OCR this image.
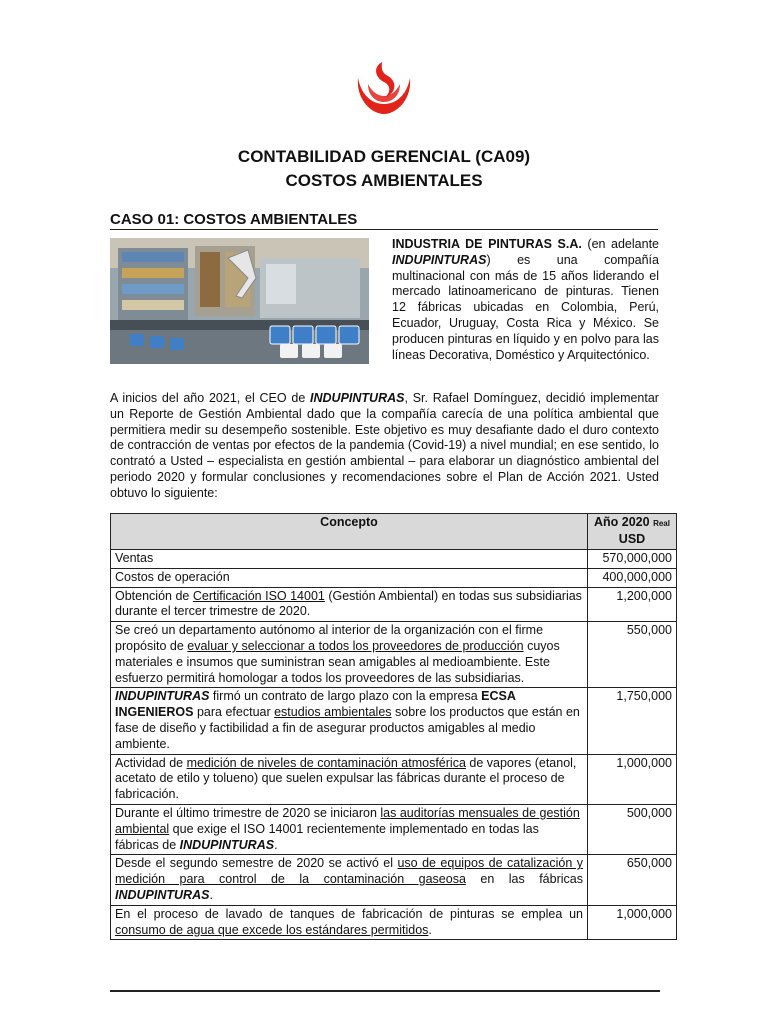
CONTABILIDAD GERENCIAL (CA09)
COSTOS AMBIENTALES
CASO 01: COSTOS AMBIENTALES
INDUSTRIA DE PINTURAS S.A. (en adelante INDUPINTURAS) es una compañía multinacional con más de 15 años liderando el mercado latinoamericano de pinturas. Tienen 12 fábricas ubicadas en Colombia, Perú, Ecuador, Uruguay, Costa Rica y México. Se producen pinturas en líquido y en polvo para las líneas Decorativa, Doméstico y Arquitectónico.
A inicios del año 2021, el CEO de INDUPINTURAS, Sr. Rafael Domínguez, decidió implementar un Reporte de Gestión Ambiental dado que la compañía carecía de una política ambiental que permitiera medir su desempeño sostenible. Este objetivo es muy desafiante dado el duro contexto de contracción de ventas por efectos de la pandemia (Covid-19) a nivel mundial; en ese sentido, lo contrató a Usted – especialista en gestión ambiental – para elaborar un diagnóstico ambiental del periodo 2020 y formular conclusiones y recomendaciones sobre el Plan de Acción 2021. Usted obtuvo lo siguiente:
Concepto	Año 2020 Real
USD
Ventas	570,000,000
Costos de operación	400,000,000
Obtención de Certificación ISO 14001 (Gestión Ambiental) en todas sus subsidiarias durante el tercer trimestre de 2020.	1,200,000
Se creó un departamento autónomo al interior de la organización con el firme propósito de evaluar y seleccionar a todos los proveedores de producción cuyos materiales e insumos que suministran sean amigables al medioambiente. Este esfuerzo permitirá homologar a todos los proveedores de las subsidiarias.	550,000
INDUPINTURAS firmó un contrato de largo plazo con la empresa ECSA INGENIEROS para efectuar estudios ambientales sobre los productos que están en fase de diseño y factibilidad a fin de asegurar productos amigables al medio ambiente.	1,750,000
Actividad de medición de niveles de contaminación atmosférica de vapores (etanol, acetato de etilo y tolueno) que suelen expulsar las fábricas durante el proceso de fabricación.	1,000,000
Durante el último trimestre de 2020 se iniciaron las auditorías mensuales de gestión ambiental que exige el ISO 14001 recientemente implementado en todas las fábricas de INDUPINTURAS.	500,000
Desde el segundo semestre de 2020 se activó el uso de equipos de catalización y medición para control de la contaminación gaseosa en las fábricas INDUPINTURAS.	650,000
En el proceso de lavado de tanques de fabricación de pinturas se emplea un consumo de agua que excede los estándares permitidos.	1,000,000
